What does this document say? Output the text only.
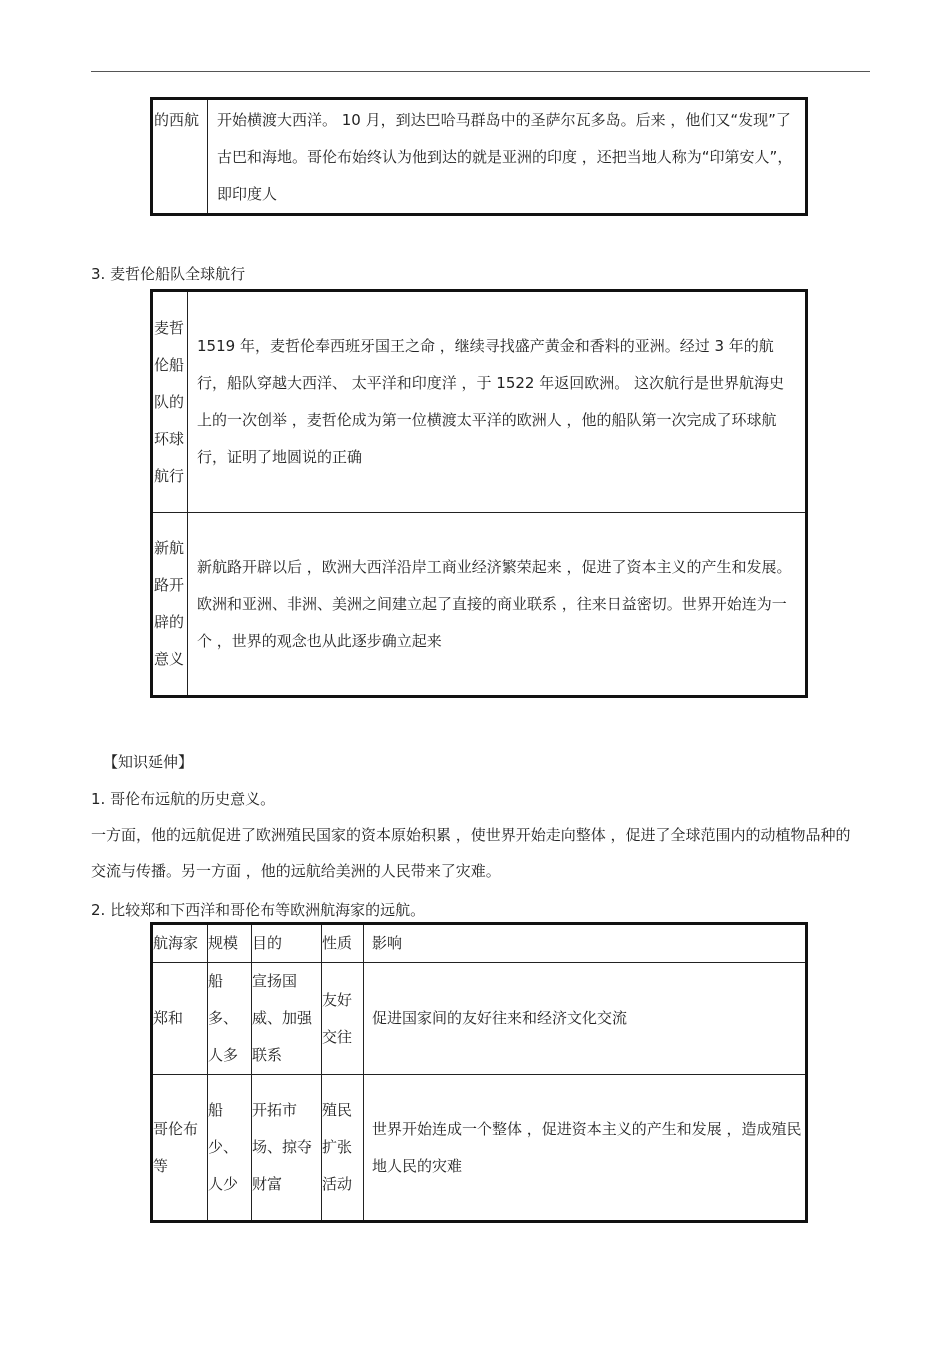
的西航	开始横渡大西洋。 10 月，到达巴哈马群岛中的圣萨尔瓦多岛。后来 ，他们又“发现”了古巴和海地。哥伦布始终认为他到达的就是亚洲的印度 ，还把当地人称为“印第安人”，即印度人
3. 麦哲伦船队全球航行
麦哲伦船队的环球航行	1519 年，麦哲伦奉西班牙国王之命 ，继续寻找盛产黄金和香料的亚洲。经过 3 年的航行，船队穿越大西洋、 太平洋和印度洋 ，于 1522 年返回欧洲。 这次航行是世界航海史上的一次创举 ，麦哲伦成为第一位横渡太平洋的欧洲人 ，他的船队第一次完成了环球航行，证明了地圆说的正确
新航路开辟的意义	新航路开辟以后 ，欧洲大西洋沿岸工商业经济繁荣起来 ，促进了资本主义的产生和发展。欧洲和亚洲、非洲、美洲之间建立起了直接的商业联系 ，往来日益密切。世界开始连为一个 ，世界的观念也从此逐步确立起来
【知识延伸】
1. 哥伦布远航的历史意义。
一方面，他的远航促进了欧洲殖民国家的资本原始积累 ，使世界开始走向整体 ，促进了全球范围内的动植物品种的交流与传播。另一方面 ，他的远航给美洲的人民带来了灾难。
2. 比较郑和下西洋和哥伦布等欧洲航海家的远航。
航海家	规模	目的	性质	影响
郑和	船多、人多	宣扬国威、加强联系	友好交往	促进国家间的友好往来和经济文化交流
哥伦布等	船少、人少	开拓市场、掠夺财富	殖民扩张活动	世界开始连成一个整体 ，促进资本主义的产生和发展 ，造成殖民地人民的灾难
